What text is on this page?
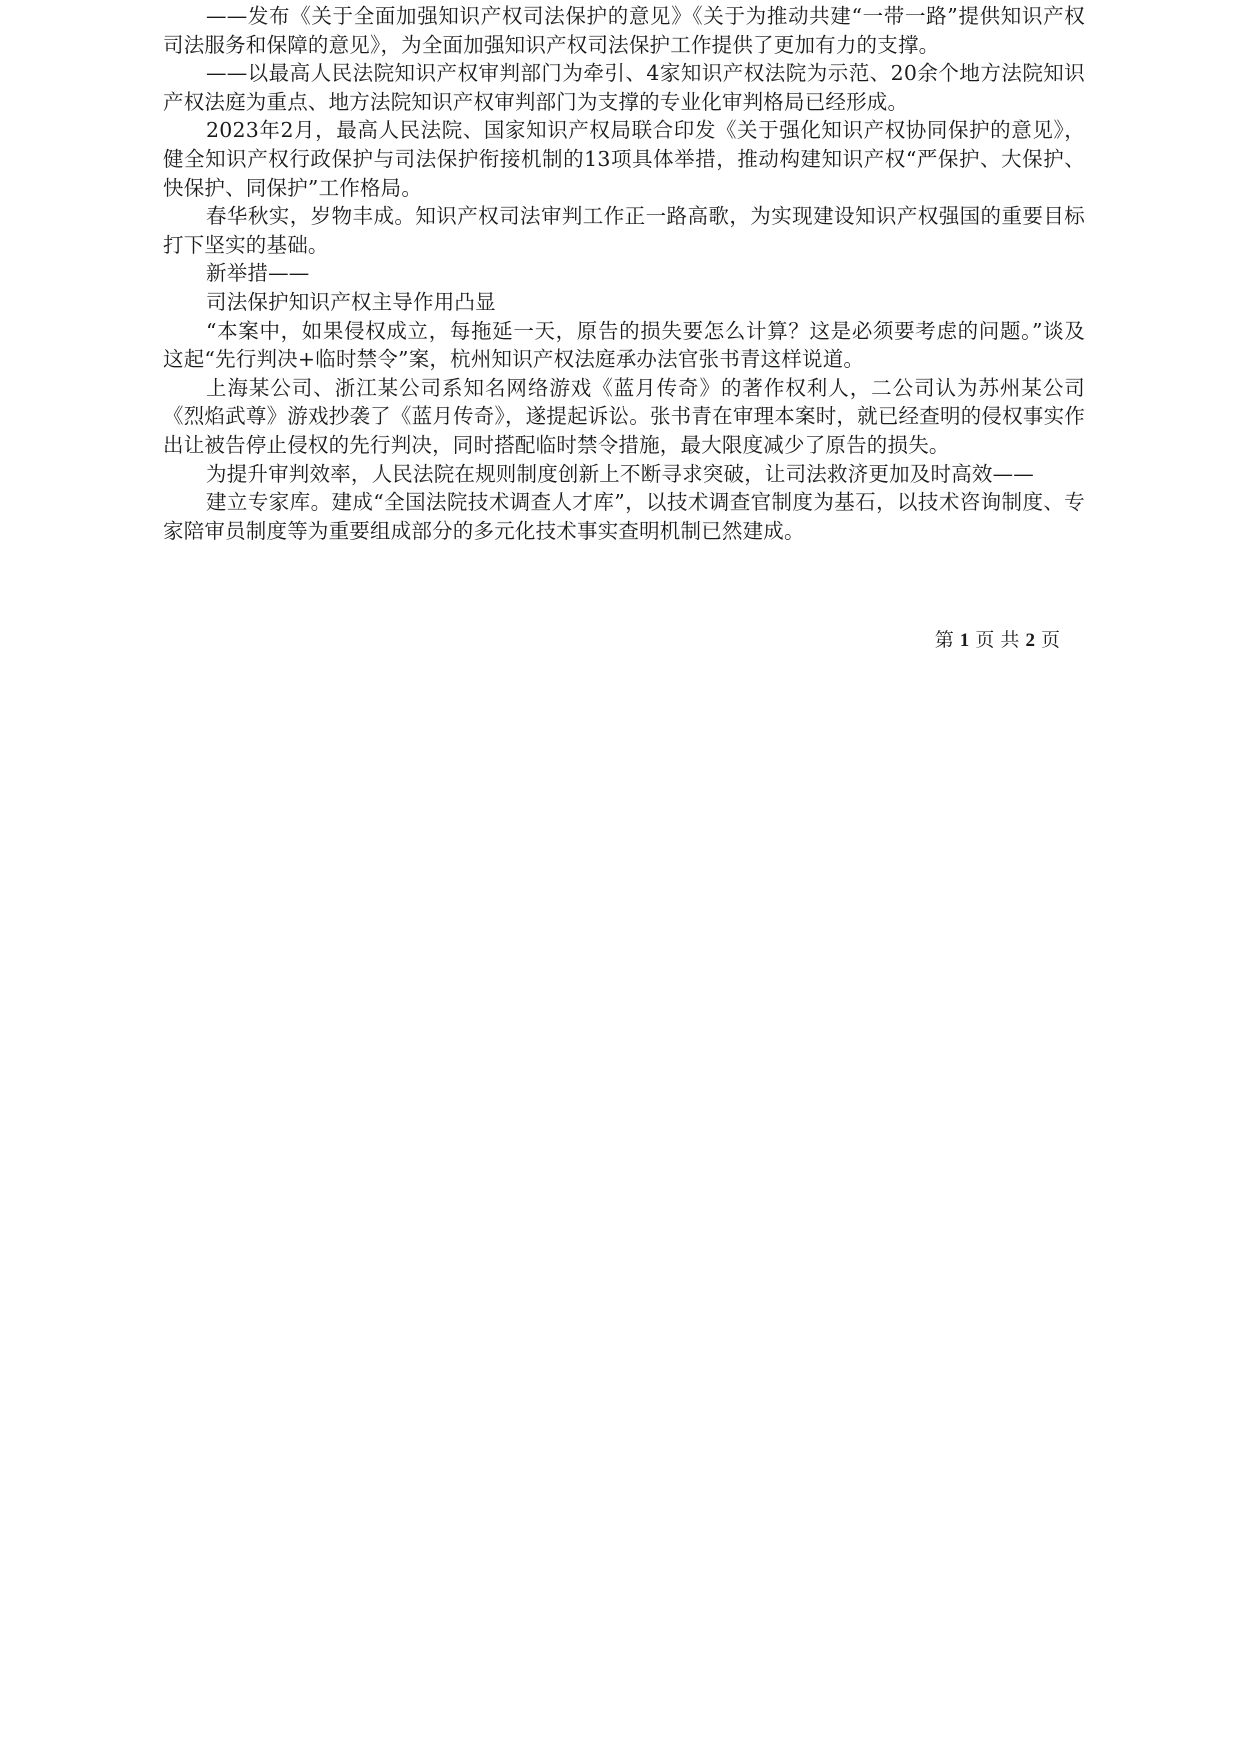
——发布《关于全面加强知识产权司法保护的意见》《关于为推动共建“一带一路”提供知识产权司法服务和保障的意见》，为全面加强知识产权司法保护工作提供了更加有力的支撑。

——以最高人民法院知识产权审判部门为牵引、4家知识产权法院为示范、20余个地方法院知识产权法庭为重点、地方法院知识产权审判部门为支撑的专业化审判格局已经形成。

2023年2月，最高人民法院、国家知识产权局联合印发《关于强化知识产权协同保护的意见》，健全知识产权行政保护与司法保护衔接机制的13项具体举措，推动构建知识产权“严保护、大保护、快保护、同保护”工作格局。

春华秋实，岁物丰成。知识产权司法审判工作正一路高歌，为实现建设知识产权强国的重要目标打下坚实的基础。

新举措——

司法保护知识产权主导作用凸显

“本案中，如果侵权成立，每拖延一天，原告的损失要怎么计算？这是必须要考虑的问题。”谈及这起“先行判决+临时禁令”案，杭州知识产权法庭承办法官张书青这样说道。

上海某公司、浙江某公司系知名网络游戏《蓝月传奇》的著作权利人，二公司认为苏州某公司《烈焰武尊》游戏抄袭了《蓝月传奇》，遂提起诉讼。张书青在审理本案时，就已经查明的侵权事实作出让被告停止侵权的先行判决，同时搭配临时禁令措施，最大限度减少了原告的损失。

为提升审判效率，人民法院在规则制度创新上不断寻求突破，让司法救济更加及时高效——

建立专家库。建成“全国法院技术调查人才库”，以技术调查官制度为基石，以技术咨询制度、专家陪审员制度等为重要组成部分的多元化技术事实查明机制已然建成。

第 1 页 共 2 页
